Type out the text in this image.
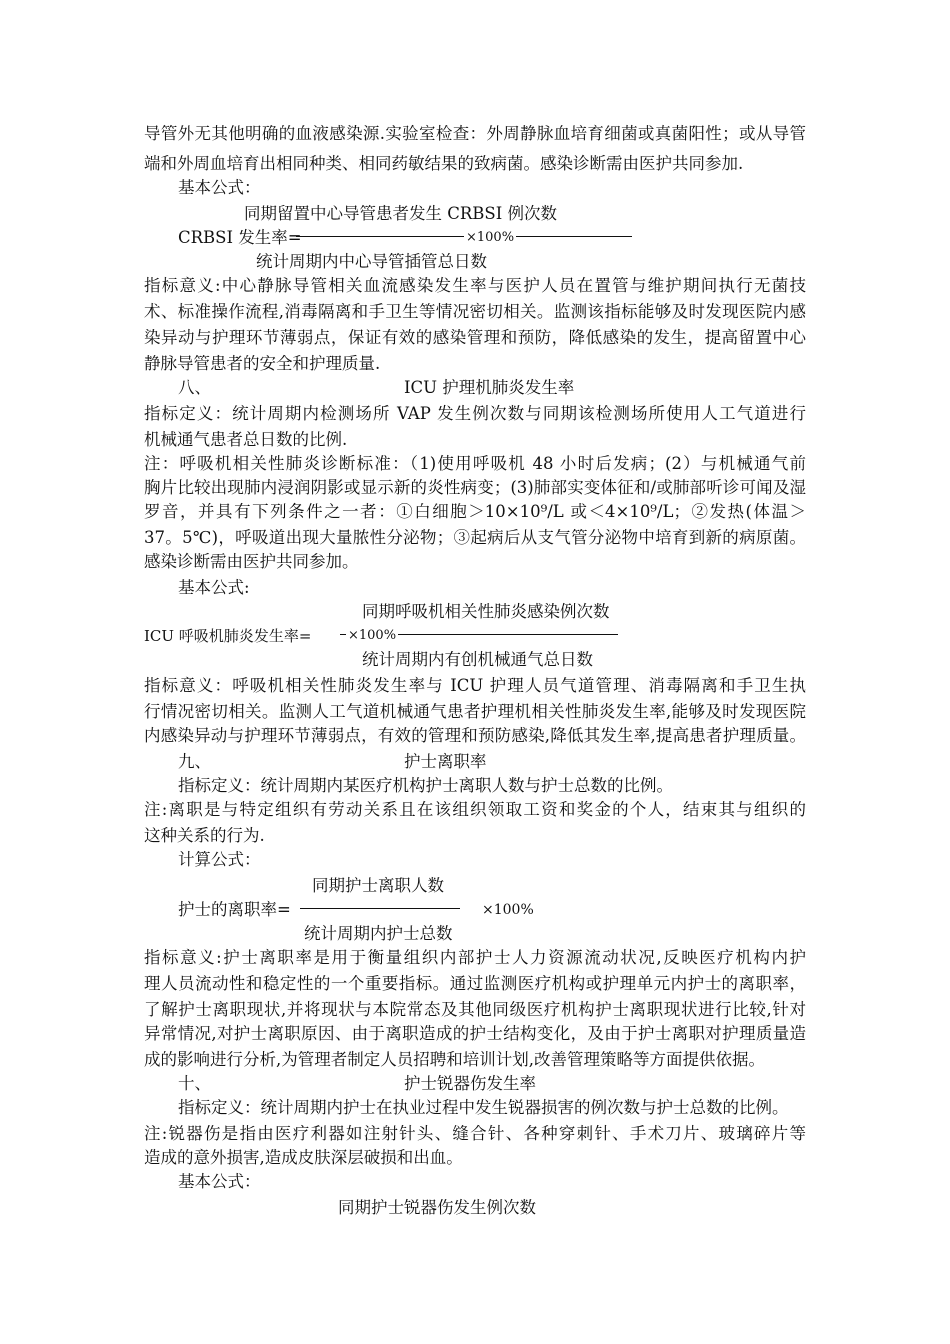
导管外无其他明确的血液感染源.实验室检查：外周静脉血培育细菌或真菌阳性；或从导管
端和外周血培育出相同种类、相同药敏结果的致病菌。感染诊断需由医护共同参加.
基本公式：
同期留置中心导管患者发生 CRBSI 例次数
CRBSI 发生率=	×100%
统计周期内中心导管插管总日数
指标意义:中心静脉导管相关血流感染发生率与医护人员在置管与维护期间执行无菌技
术、标准操作流程,消毒隔离和手卫生等情况密切相关。监测该指标能够及时发现医院内感
染异动与护理环节薄弱点，保证有效的感染管理和预防，降低感染的发生，提高留置中心
静脉导管患者的安全和护理质量.
八、	ICU 护理机肺炎发生率
指标定义：统计周期内检测场所 VAP 发生例次数与同期该检测场所使用人工气道进行
机械通气患者总日数的比例.
注：呼吸机相关性肺炎诊断标准：（1)使用呼吸机 48 小时后发病；(2）与机械通气前
胸片比较出现肺内浸润阴影或显示新的炎性病变；(3)肺部实变体征和/或肺部听诊可闻及湿
罗音，并具有下列条件之一者：①白细胞＞10×10⁹/L 或＜4×10⁹/L；②发热(体温＞
37。5℃)，呼吸道出现大量脓性分泌物；③起病后从支气管分泌物中培育到新的病原菌。
感染诊断需由医护共同参加。
基本公式:
同期呼吸机相关性肺炎感染例次数
ICU 呼吸机肺炎发生率=	×100%
统计周期内有创机械通气总日数
指标意义：呼吸机相关性肺炎发生率与 ICU 护理人员气道管理、消毒隔离和手卫生执
行情况密切相关。监测人工气道机械通气患者护理机相关性肺炎发生率,能够及时发现医院
内感染异动与护理环节薄弱点，有效的管理和预防感染,降低其发生率,提高患者护理质量。
九、	护士离职率
指标定义：统计周期内某医疗机构护士离职人数与护士总数的比例。
注:离职是与特定组织有劳动关系且在该组织领取工资和奖金的个人，结束其与组织的
这种关系的行为.
计算公式：
同期护士离职人数
护士的离职率=	×100%
统计周期内护士总数
指标意义:护士离职率是用于衡量组织内部护士人力资源流动状况,反映医疗机构内护
理人员流动性和稳定性的一个重要指标。通过监测医疗机构或护理单元内护士的离职率，
了解护士离职现状,并将现状与本院常态及其他同级医疗机构护士离职现状进行比较,针对
异常情况,对护士离职原因、由于离职造成的护士结构变化，及由于护士离职对护理质量造
成的影响进行分析,为管理者制定人员招聘和培训计划,改善管理策略等方面提供依据。
十、	护士锐器伤发生率
指标定义：统计周期内护士在执业过程中发生锐器损害的例次数与护士总数的比例。
注:锐器伤是指由医疗利器如注射针头、缝合针、各种穿刺针、手术刀片、玻璃碎片等
造成的意外损害,造成皮肤深层破损和出血。
基本公式：
同期护士锐器伤发生例次数
